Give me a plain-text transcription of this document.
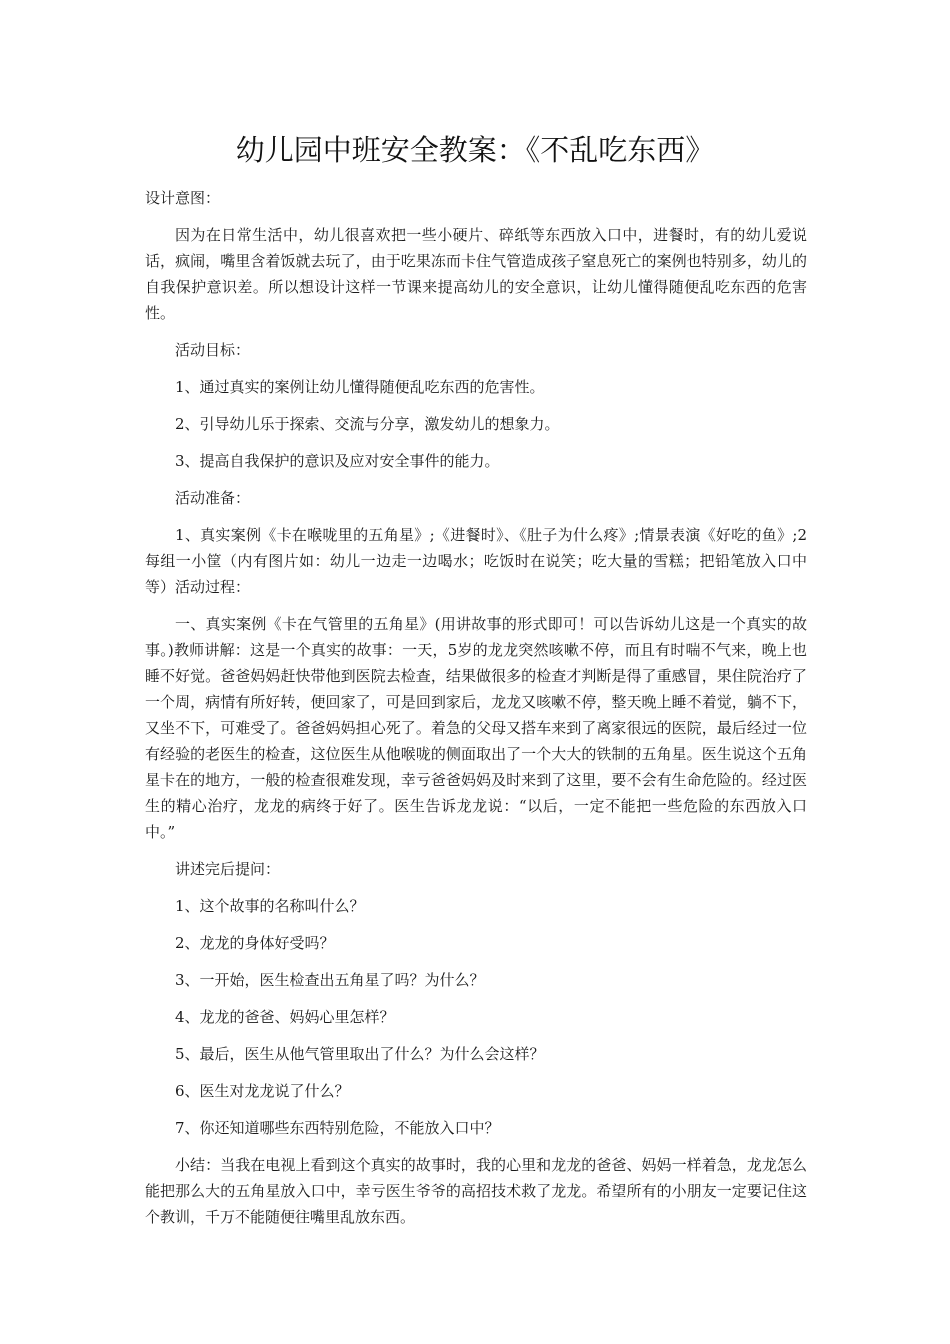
幼儿园中班安全教案：《不乱吃东西》

设计意图：

因为在日常生活中，幼儿很喜欢把一些小硬片、碎纸等东西放入口中，进餐时，有的幼儿爱说话，疯闹，嘴里含着饭就去玩了，由于吃果冻而卡住气管造成孩子窒息死亡的案例也特别多，幼儿的自我保护意识差。所以想设计这样一节课来提高幼儿的安全意识，让幼儿懂得随便乱吃东西的危害性。

活动目标：

1、通过真实的案例让幼儿懂得随便乱吃东西的危害性。

2、引导幼儿乐于探索、交流与分享，激发幼儿的想象力。

3、提高自我保护的意识及应对安全事件的能力。

活动准备：

1、真实案例《卡在喉咙里的五角星》;《进餐时》、《肚子为什么疼》;情景表演《好吃的鱼》;2 每组一小筐（内有图片如：幼儿一边走一边喝水；吃饭时在说笑；吃大量的雪糕；把铅笔放入口中等）活动过程：

一、真实案例《卡在气管里的五角星》(用讲故事的形式即可！可以告诉幼儿这是一个真实的故事。)教师讲解：这是一个真实的故事：一天，5岁的龙龙突然咳嗽不停，而且有时喘不气来，晚上也睡不好觉。爸爸妈妈赶快带他到医院去检查，结果做很多的检查才判断是得了重感冒，果住院治疗了一个周，病情有所好转，便回家了，可是回到家后，龙龙又咳嗽不停，整天晚上睡不着觉，躺不下，又坐不下，可难受了。爸爸妈妈担心死了。着急的父母又搭车来到了离家很远的医院，最后经过一位有经验的老医生的检查，这位医生从他喉咙的侧面取出了一个大大的铁制的五角星。医生说这个五角星卡在的地方，一般的检查很难发现，幸亏爸爸妈妈及时来到了这里，要不会有生命危险的。经过医生的精心治疗，龙龙的病终于好了。医生告诉龙龙说：“以后，一定不能把一些危险的东西放入口中。”

讲述完后提问：

1、这个故事的名称叫什么？

2、龙龙的身体好受吗？

3、一开始，医生检查出五角星了吗？为什么？

4、龙龙的爸爸、妈妈心里怎样？

5、最后，医生从他气管里取出了什么？为什么会这样？

6、医生对龙龙说了什么？

7、你还知道哪些东西特别危险，不能放入口中？

小结：当我在电视上看到这个真实的故事时，我的心里和龙龙的爸爸、妈妈一样着急，龙龙怎么能把那么大的五角星放入口中，幸亏医生爷爷的高招技术救了龙龙。希望所有的小朋友一定要记住这个教训，千万不能随便往嘴里乱放东西。
